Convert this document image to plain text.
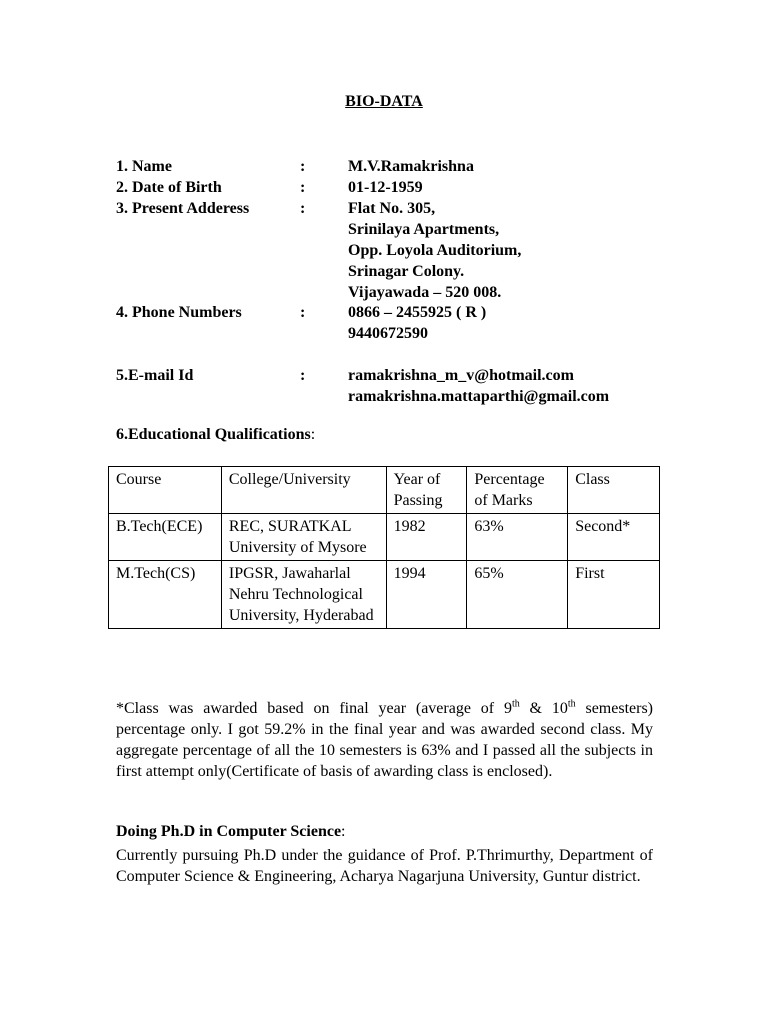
BIO-DATA
1. Name	:	M.V.Ramakrishna
2. Date of Birth	:	01-12-1959
3. Present Adderess	:	Flat No. 305,
Srinilaya Apartments,
Opp. Loyola Auditorium,
Srinagar Colony.
Vijayawada – 520 008.
4. Phone Numbers	:	0866 – 2455925 ( R )
9440672590
5.E-mail Id	:	ramakrishna_m_v@hotmail.com
ramakrishna.mattaparthi@gmail.com
6.Educational Qualifications:
Course	College/University	Year of Passing	Percentage of Marks	Class
B.Tech(ECE)	REC, SURATKAL University of Mysore	1982	63%	Second*
M.Tech(CS)	IPGSR, Jawaharlal Nehru Technological University, Hyderabad	1994	65%	First
*Class was awarded based on final year (average of 9th & 10th semesters) percentage only. I got 59.2% in the final year and was awarded second class. My aggregate percentage of all the 10 semesters is 63% and I passed all the subjects in first attempt only(Certificate of basis of awarding class is enclosed).
Doing Ph.D in Computer Science:
Currently pursuing Ph.D under the guidance of Prof. P.Thrimurthy, Department of Computer Science & Engineering, Acharya Nagarjuna University, Guntur district.
